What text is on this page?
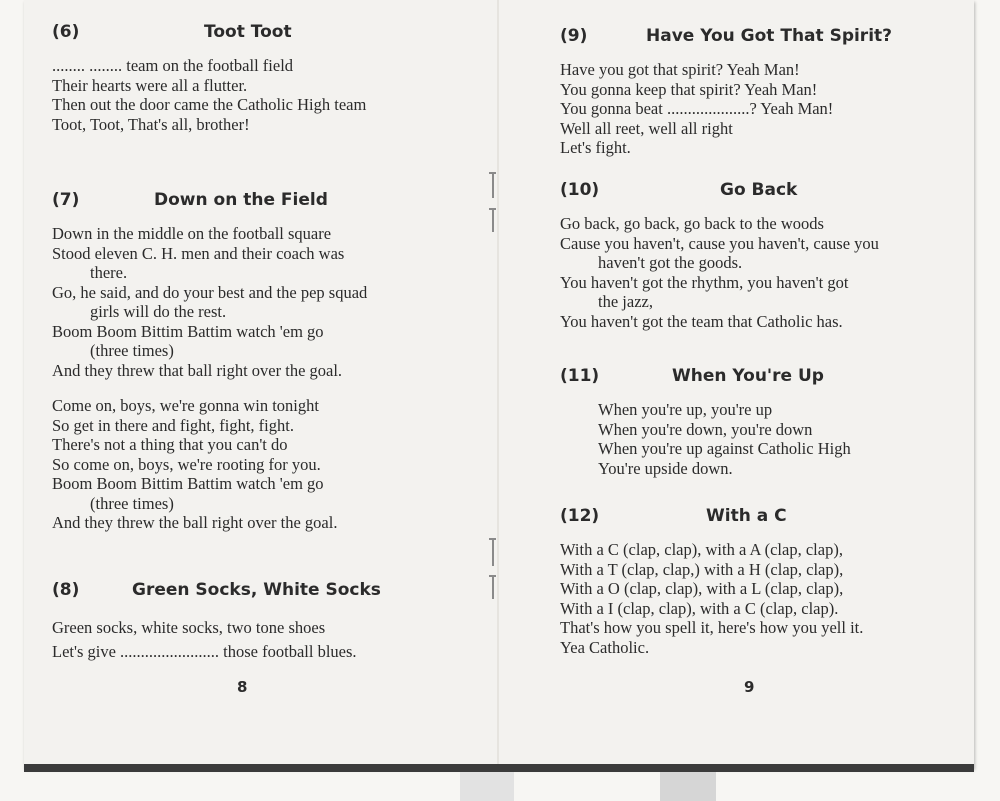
(6)	Toot Toot
........ ........ team on the football field
Their hearts were all a flutter.
Then out the door came the Catholic High team
Toot, Toot, That's all, brother!
(7)	Down on the Field
Down in the middle on the football square
Stood eleven C. H. men and their coach was
there.
Go, he said, and do your best and the pep squad
girls will do the rest.
Boom Boom Bittim Battim watch 'em go
(three times)
And they threw that ball right over the goal.
Come on, boys, we're gonna win tonight
So get in there and fight, fight, fight.
There's not a thing that you can't do
So come on, boys, we're rooting for you.
Boom Boom Bittim Battim watch 'em go
(three times)
And they threw the ball right over the goal.
(8)	Green Socks, White Socks
Green socks, white socks, two tone shoes
Let's give ........................ those football blues.
8
(9)	Have You Got That Spirit?
Have you got that spirit? Yeah Man!
You gonna keep that spirit? Yeah Man!
You gonna beat ....................? Yeah Man!
Well all reet, well all right
Let's fight.
(10)	Go Back
Go back, go back, go back to the woods
Cause you haven't, cause you haven't, cause you
haven't got the goods.
You haven't got the rhythm, you haven't got
the jazz,
You haven't got the team that Catholic has.
(11)	When You're Up
When you're up, you're up
When you're down, you're down
When you're up against Catholic High
You're upside down.
(12)	With a C
With a C (clap, clap), with a A (clap, clap),
With a T (clap, clap,) with a H (clap, clap),
With a O (clap, clap), with a L (clap, clap),
With a I (clap, clap), with a C (clap, clap).
That's how you spell it, here's how you yell it.
Yea Catholic.
9
